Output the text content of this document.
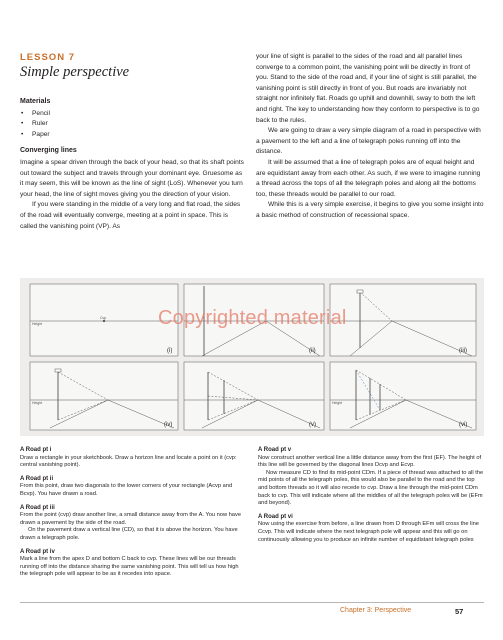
LESSON 7
Simple perspective
Materials
• Pencil
• Ruler
• Paper
Converging lines

Imagine a spear driven through the back of your head, so that its shaft points out toward the subject and travels through your dominant eye. Gruesome as it may seem, this will be known as the line of sight (LoS). Whenever you turn your head, the line of sight moves giving you the direction of your vision.

If you were standing in the middle of a very long and flat road, the sides of the road will eventually converge, meeting at a point in space. This is called the vanishing point (VP). As

your line of sight is parallel to the sides of the road and all parallel lines converge to a common point, the vanishing point will be directly in front of you. Stand to the side of the road and, if your line of sight is still parallel, the vanishing point is still directly in front of you. But roads are invariably not straight nor infinitely flat. Roads go uphill and downhill, sway to both the left and right. The key to understanding how they conform to perspective is to go back to the rules.

We are going to draw a very simple diagram of a road in perspective with a pavement to the left and a line of telegraph poles running off into the distance.

It will be assumed that a line of telegraph poles are of equal height and are equidistant away from each other. As such, if we were to imagine running a thread across the tops of all the telegraph poles and along all the bottoms too, these threads would be parallel to our road.

While this is a very simple exercise, it begins to give you some insight into a basic method of construction of recessional space.

Height
Cvp
Height	Height
(i)	(ii)	(iii)
(iv)	(v)	(vi)
Copyrighted material
A Road pt i
Draw a rectangle in your sketchbook. Draw a horizon line and locate a point on it (cvp: central vanishing point).
A Road pt ii
From this point, draw two diagonals to the lower corners of your rectangle (Acvp and Bcvp). You have drawn a road.
A Road pt iii
From the point (cvp) draw another line, a small distance away from the A. You now have drawn a pavement by the side of the road.
On the pavement draw a vertical line (CD), so that it is above the horizon. You have drawn a telegraph pole.
A Road pt iv
Mark a line from the apex D and bottom C back to cvp. These lines will be our threads running off into the distance sharing the same vanishing point. This will tell us how high the telegraph pole will appear to be as it recedes into space.
A Road pt v
Now construct another vertical line a little distance away from the first (EF). The height of this line will be governed by the diagonal lines Dcvp and Ecvp.
Now measure CD to find its mid-point CDm. If a piece of thread was attached to all the mid points of all the telegraph poles, this would also be parallel to the road and the top and bottom threads so it will also recede to cvp. Draw a line through the mid-point CDm back to cvp. This will indicate where all the middles of all the telegraph poles will be (EFm and beyond).
A Road pt vi
Now using the exercise from before, a line drawn from D through EFm will cross the line Ccvp. This will indicate where the next telegraph pole will appear and this will go on continuously allowing you to produce an infinite number of equidistant telegraph poles
Chapter 3: Perspective	57
